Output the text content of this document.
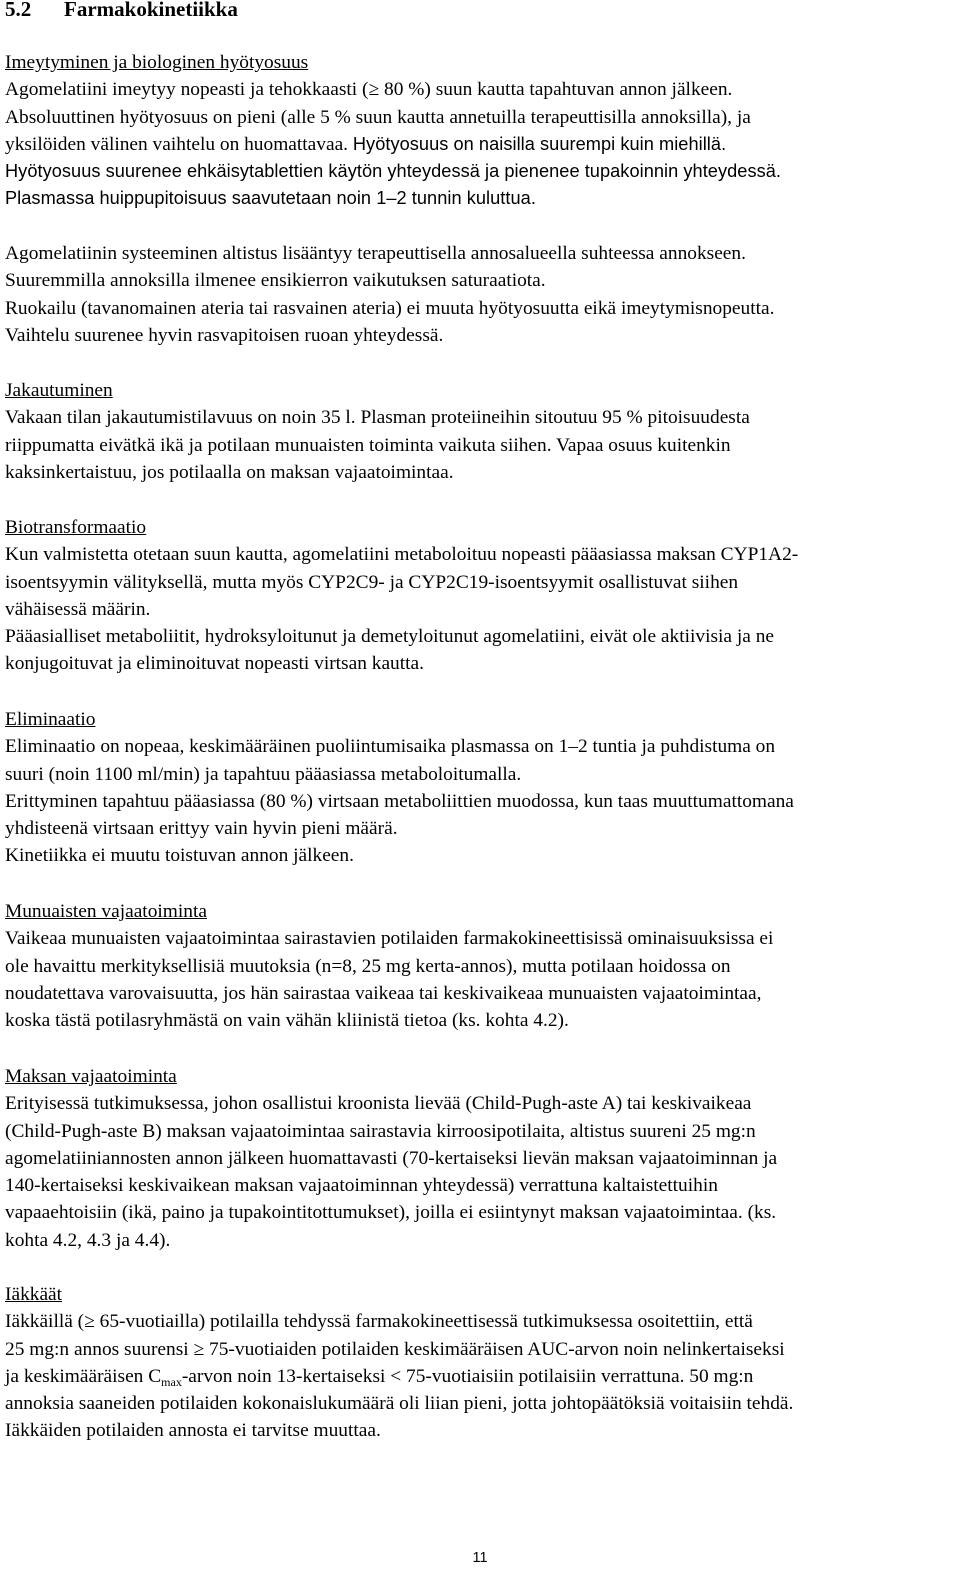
5.2 Farmakokinetiikka

Imeytyminen ja biologinen hyötyosuus

Agomelatiini imeytyy nopeasti ja tehokkaasti (≥ 80 %) suun kautta tapahtuvan annon jälkeen.

Absoluuttinen hyötyosuus on pieni (alle 5 % suun kautta annetuilla terapeuttisilla annoksilla), ja

yksilöiden välinen vaihtelu on huomattavaa. Hyötyosuus on naisilla suurempi kuin miehillä.

Hyötyosuus suurenee ehkäisytablettien käytön yhteydessä ja pienenee tupakoinnin yhteydessä.

Plasmassa huippupitoisuus saavutetaan noin 1–2 tunnin kuluttua.

Agomelatiinin systeeminen altistus lisääntyy terapeuttisella annosalueella suhteessa annokseen.

Suuremmilla annoksilla ilmenee ensikierron vaikutuksen saturaatiota.

Ruokailu (tavanomainen ateria tai rasvainen ateria) ei muuta hyötyosuutta eikä imeytymisnopeutta.

Vaihtelu suurenee hyvin rasvapitoisen ruoan yhteydessä.

Jakautuminen

Vakaan tilan jakautumistilavuus on noin 35 l. Plasman proteiineihin sitoutuu 95 % pitoisuudesta

riippumatta eivätkä ikä ja potilaan munuaisten toiminta vaikuta siihen. Vapaa osuus kuitenkin

kaksinkertaistuu, jos potilaalla on maksan vajaatoimintaa.

Biotransformaatio

Kun valmistetta otetaan suun kautta, agomelatiini metaboloituu nopeasti pääasiassa maksan CYP1A2-

isoentsyymin välityksellä, mutta myös CYP2C9- ja CYP2C19-isoentsyymit osallistuvat siihen

vähäisessä määrin.

Pääasialliset metaboliitit, hydroksyloitunut ja demetyloitunut agomelatiini, eivät ole aktiivisia ja ne

konjugoituvat ja eliminoituvat nopeasti virtsan kautta.

Eliminaatio

Eliminaatio on nopeaa, keskimääräinen puoliintumisaika plasmassa on 1–2 tuntia ja puhdistuma on

suuri (noin 1100 ml/min) ja tapahtuu pääasiassa metaboloitumalla.

Erittyminen tapahtuu pääasiassa (80 %) virtsaan metaboliittien muodossa, kun taas muuttumattomana

yhdisteenä virtsaan erittyy vain hyvin pieni määrä.

Kinetiikka ei muutu toistuvan annon jälkeen.

Munuaisten vajaatoiminta

Vaikeaa munuaisten vajaatoimintaa sairastavien potilaiden farmakokineettisissä ominaisuuksissa ei

ole havaittu merkityksellisiä muutoksia (n=8, 25 mg kerta-annos), mutta potilaan hoidossa on

noudatettava varovaisuutta, jos hän sairastaa vaikeaa tai keskivaikeaa munuaisten vajaatoimintaa,

koska tästä potilasryhmästä on vain vähän kliinistä tietoa (ks. kohta 4.2).

Maksan vajaatoiminta

Erityisessä tutkimuksessa, johon osallistui kroonista lievää (Child-Pugh-aste A) tai keskivaikeaa

(Child-Pugh-aste B) maksan vajaatoimintaa sairastavia kirroosipotilaita, altistus suureni 25 mg:n

agomelatiiniannosten annon jälkeen huomattavasti (70-kertaiseksi lievän maksan vajaatoiminnan ja

140-kertaiseksi keskivaikean maksan vajaatoiminnan yhteydessä) verrattuna kaltaistettuihin

vapaaehtoisiin (ikä, paino ja tupakointitottumukset), joilla ei esiintynyt maksan vajaatoimintaa. (ks.

kohta 4.2, 4.3 ja 4.4).

Iäkkäät

Iäkkäillä (≥ 65-vuotiailla) potilailla tehdyssä farmakokineettisessä tutkimuksessa osoitettiin, että

25 mg:n annos suurensi ≥ 75-vuotiaiden potilaiden keskimääräisen AUC-arvon noin nelinkertaiseksi

ja keskimääräisen $C_{max}$-arvon noin 13-kertaiseksi < 75-vuotiaisiin potilaisiin verrattuna. 50 mg:n

annoksia saaneiden potilaiden kokonaislukumäärä oli liian pieni, jotta johtopäätöksiä voitaisiin tehdä.

Iäkkäiden potilaiden annosta ei tarvitse muuttaa.

11
